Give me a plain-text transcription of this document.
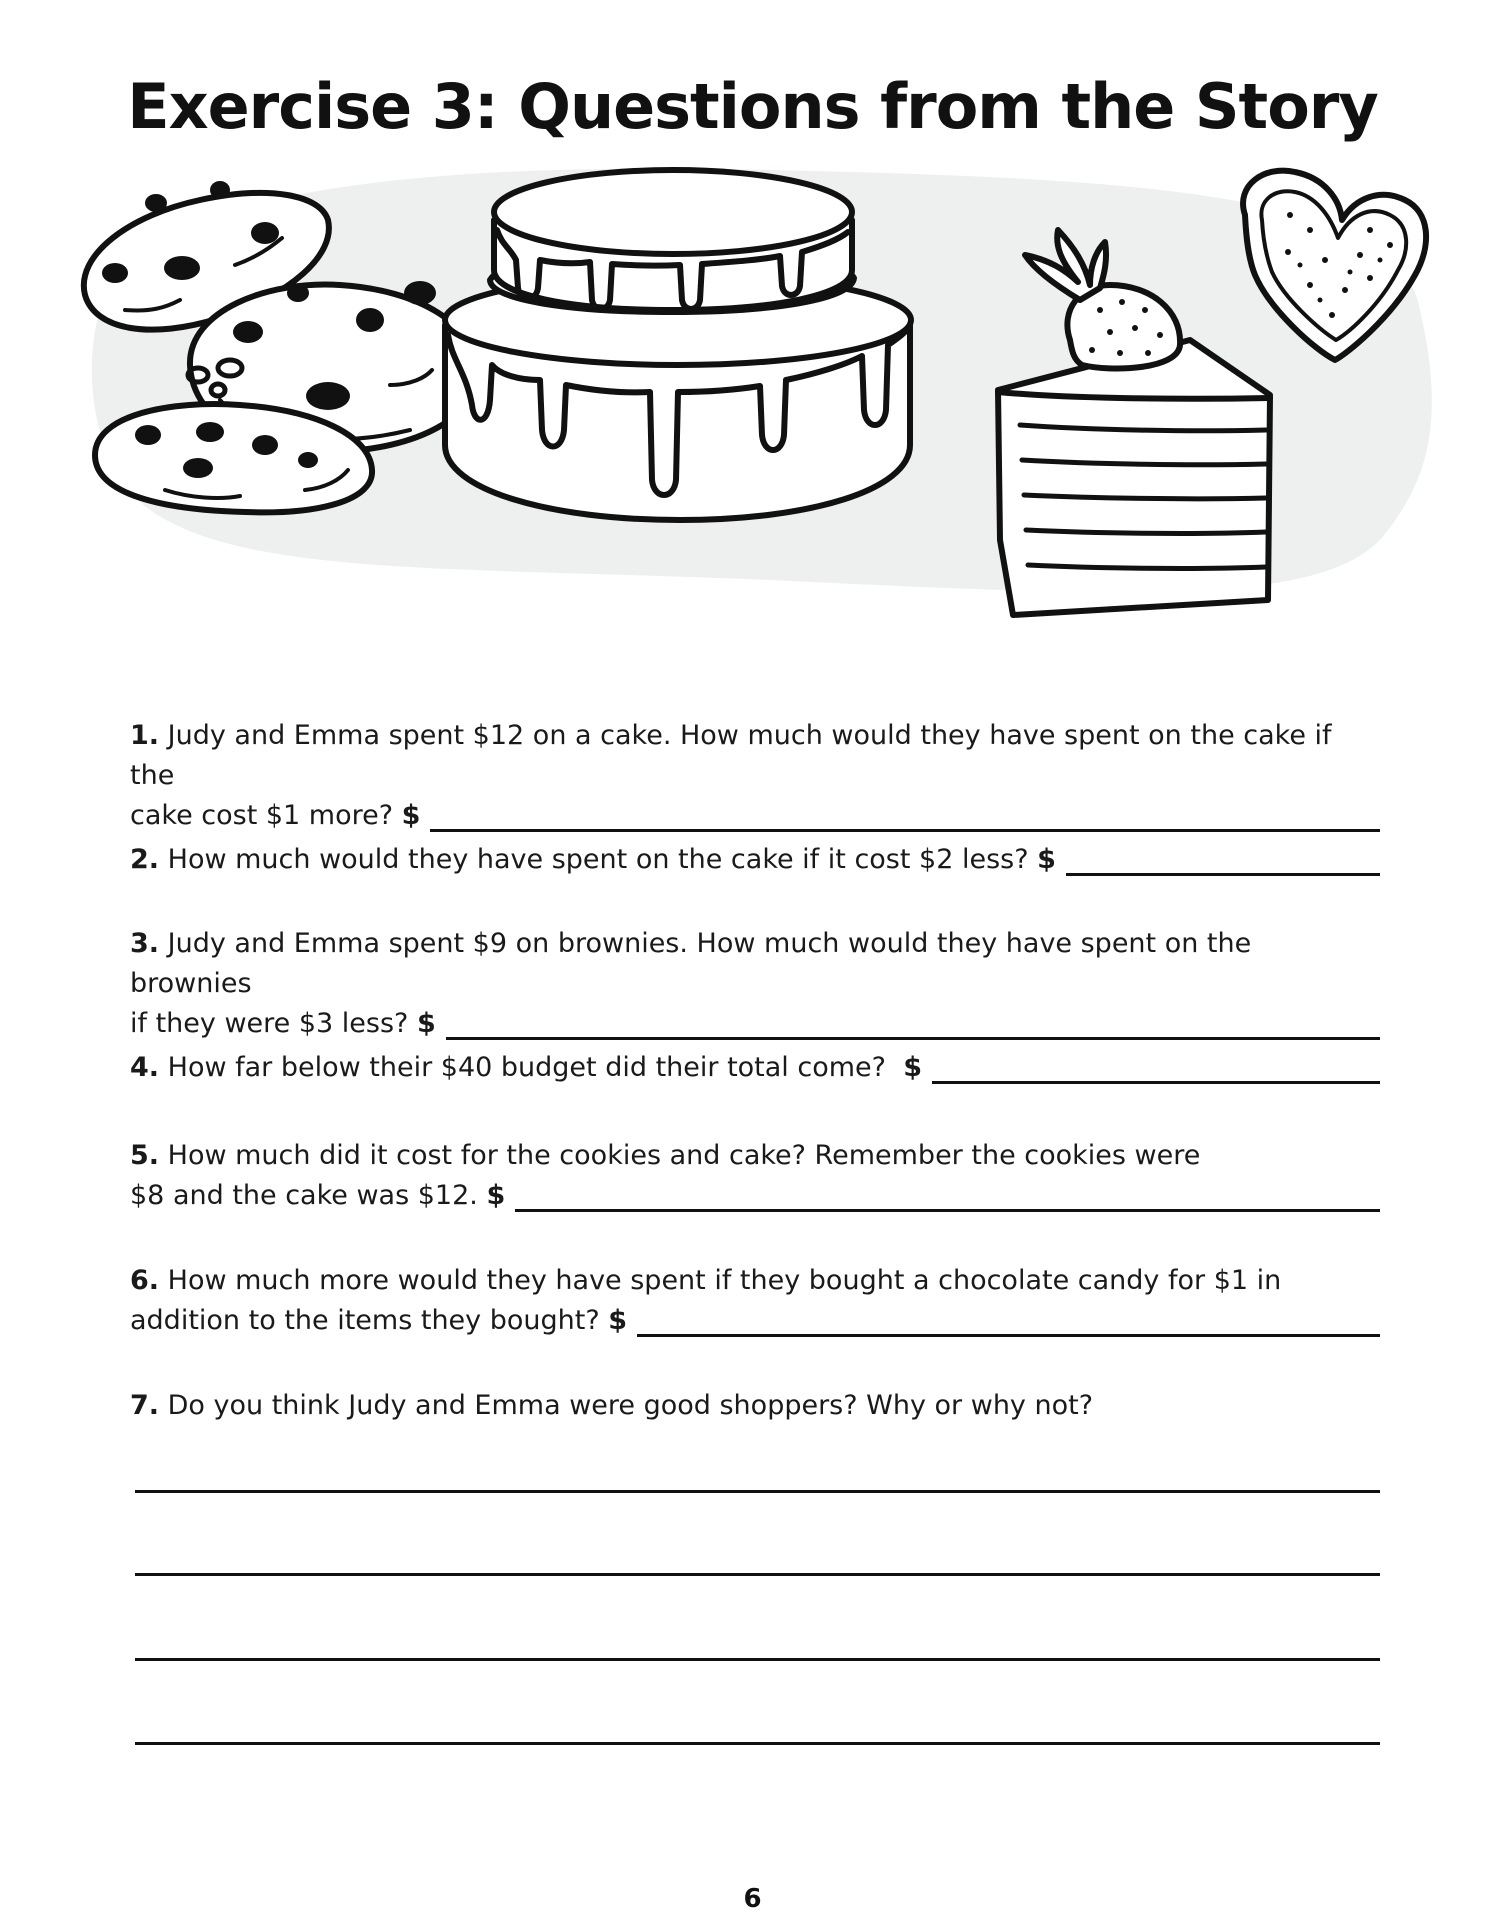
Exercise 3: Questions from the Story
1. Judy and Emma spent $12 on a cake. How much would they have spent on the cake if the
cake cost $1 more?
$
2.
How much would they have spent on the cake if it cost $2 less?
$
3. Judy and Emma spent $9 on brownies. How much would they have spent on the brownies
if they were $3 less?
$
4.
How far below their $40 budget did their total come?
$
5. How much did it cost for the cookies and cake? Remember the cookies were
$8 and the cake was $12.
$
6. How much more would they have spent if they bought a chocolate candy for $1 in
addition to the items they bought?
$
7. Do you think Judy and Emma were good shoppers? Why or why not?
6
